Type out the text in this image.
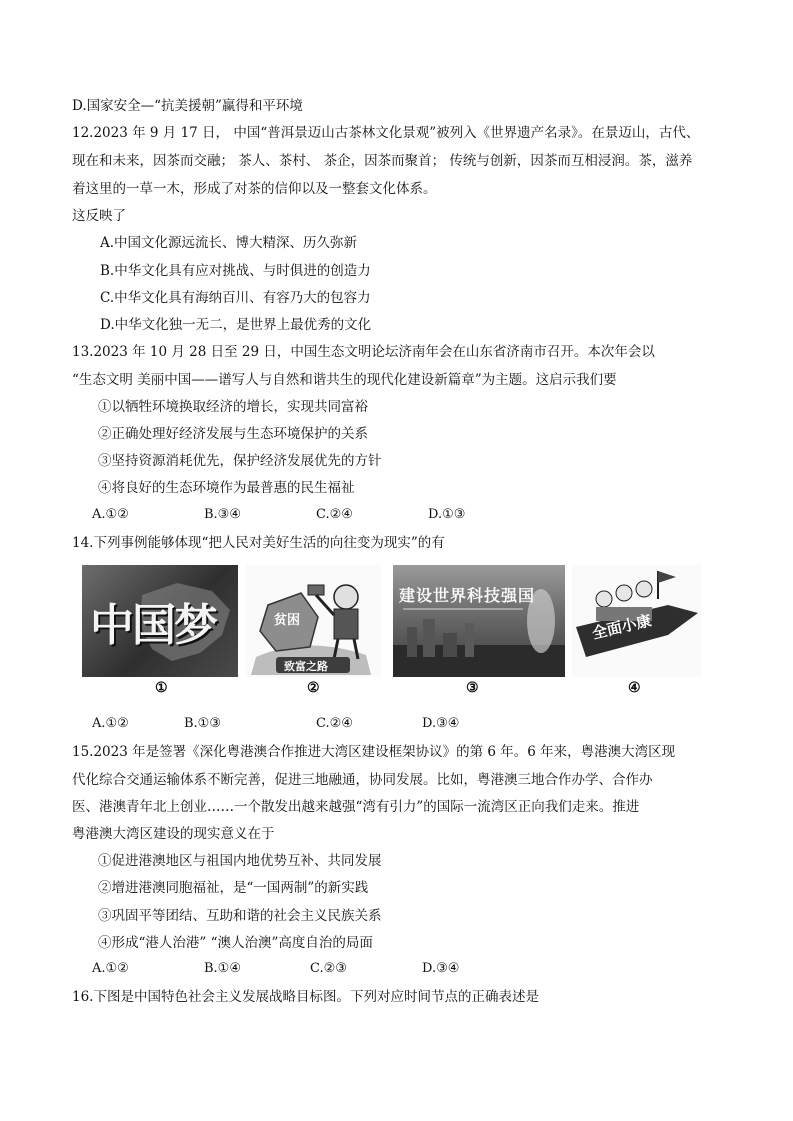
D.国家安全—“抗美援朝”赢得和平环境
12.2023 年 9 月 17 日， 中国“普洱景迈山古茶林文化景观”被列入《世界遗产名录》。在景迈山，古代、
现在和未来，因茶而交融； 茶人、茶村、 茶企，因茶而聚首； 传统与创新，因茶而互相浸润。茶，滋养
着这里的一草一木，形成了对茶的信仰以及一整套文化体系。
这反映了
A.中国文化源远流长、博大精深、历久弥新
B.中华文化具有应对挑战、与时俱进的创造力
C.中华文化具有海纳百川、有容乃大的包容力
D.中华文化独一无二，是世界上最优秀的文化
13.2023 年 10 月 28 日至 29 日，中国生态文明论坛济南年会在山东省济南市召开。本次年会以
“生态文明 美丽中国——谱写人与自然和谐共生的现代化建设新篇章”为主题。这启示我们要
①以牺牲环境换取经济的增长，实现共同富裕
②正确处理好经济发展与生态环境保护的关系
③坚持资源消耗优先，保护经济发展优先的方针
④将良好的生态环境作为最普惠的民生福祉
A.①②	B.③④	C.②④	D.①③
14.下列事例能够体现“把人民对美好生活的向往变为现实”的有
中国梦	贫困
致富之路
建设世界科技强国
全面小康
①	②	③	④
A.①②	B.①③	C.②④	D.③④
15.2023 年是签署《深化粤港澳合作推进大湾区建设框架协议》的第 6 年。6 年来，粤港澳大湾区现
代化综合交通运输体系不断完善，促进三地融通，协同发展。比如，粤港澳三地合作办学、合作办
医、港澳青年北上创业……一个散发出越来越强“湾有引力”的国际一流湾区正向我们走来。推进
粤港澳大湾区建设的现实意义在于
①促进港澳地区与祖国内地优势互补、共同发展
②增进港澳同胞福祉，是“一国两制”的新实践
③巩固平等团结、互助和谐的社会主义民族关系
④形成“港人治港” “澳人治澳”高度自治的局面
A.①②	B.①④	C.②③	D.③④
16.下图是中国特色社会主义发展战略目标图。下列对应时间节点的正确表述是
